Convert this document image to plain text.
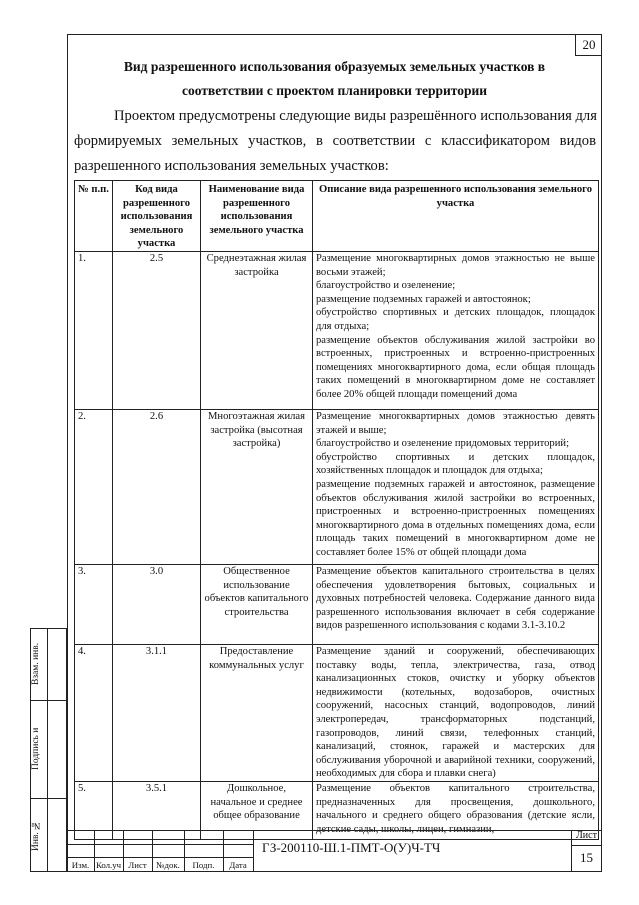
20
Вид разрешенного использования образуемых земельных участков в
соответствии с проектом планировки территории
Проектом предусмотрены следующие виды разрешённого использования для
формируемых земельных участков, в соответствии с классификатором видов
разрешенного использования земельных участков:
№ п.п.	Код вида разрешенного использования земельного участка	Наименование вида разрешенного использования земельного участка	Описание вида разрешенного использования земельного участка
1.	2.5	Среднеэтажная жилая застройка	Размещение многоквартирных домов этажностью не выше восьми этажей;
благоустройство и озеленение;
размещение подземных гаражей и автостоянок;
обустройство спортивных и детских площадок, площадок для отдыха;
размещение объектов обслуживания жилой застройки во встроенных, пристроенных и встроенно-пристроенных помещениях многоквартирного дома, если общая площадь таких помещений в многоквартирном доме не составляет более 20% общей площади помещений дома

2.	2.6	Многоэтажная жилая застройка (высотная застройка)	Размещение многоквартирных домов этажностью девять этажей и выше;
благоустройство и озеленение придомовых территорий;
обустройство спортивных и детских площадок, хозяйственных площадок и площадок для отдыха;
размещение подземных гаражей и автостоянок, размещение объектов обслуживания жилой застройки во встроенных, пристроенных и встроенно-пристроенных помещениях многоквартирного дома в отдельных помещениях дома, если площадь таких помещений в многоквартирном доме не составляет более 15% от общей площади дома

3.	3.0	Общественное использование объектов капитального строительства	Размещение объектов капитального строительства в целях обеспечения удовлетворения бытовых, социальных и духовных потребностей человека. Содержание данного вида разрешенного использования включает в себя содержание видов разрешенного использования с кодами 3.1-3.10.2

4.	3.1.1	Предоставление коммунальных услуг	Размещение зданий и сооружений, обеспечивающих поставку воды, тепла, электричества, газа, отвод канализационных стоков, очистку и уборку объектов недвижимости (котельных, водозаборов, очистных сооружений, насосных станций, водопроводов, линий электропередач, трансформаторных подстанций, газопроводов, линий связи, телефонных станций, канализаций, стоянок, гаражей и мастерских для обслуживания уборочной и аварийной техники, сооружений, необходимых для сбора и плавки снега)

5.	3.5.1	Дошкольное, начальное и среднее общее образование	Размещение объектов капитального строительства, предназначенных для просвещения, дошкольного, начального и среднего общего образования (детские ясли, детские сады, школы, лицеи, гимназии,
Взам. инв.
Подпись и
Инв. №
Изм. Кол.уч Лист	№док.	Подп.	Дата
ГЗ-200110-Ш.1-ПМТ-О(У)Ч-ТЧ
Лист
15
